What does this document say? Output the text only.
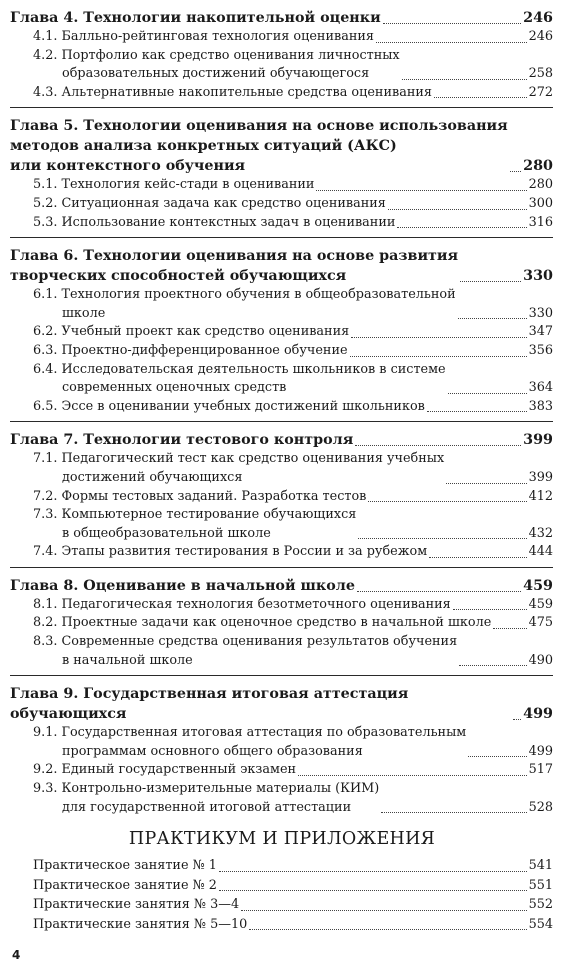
Глава 4. Технологии накопительной оценки	246
4.1. Балльно-рейтинговая технология оценивания	246
4.2. Портфолио как средство оценивания личностных
образовательных достижений обучающегося	258
4.3. Альтернативные накопительные средства оценивания	272
Глава 5. Технологии оценивания на основе использования
методов анализа конкретных ситуаций (АКС)
или контекстного обучения	280
5.1. Технология кейс-стади в оценивании	280
5.2. Ситуационная задача как средство оценивания	300
5.3. Использование контекстных задач в оценивании	316
Глава 6. Технологии оценивания на основе развития
творческих способностей обучающихся	330
6.1. Технология проектного обучения в общеобразовательной
школе	330
6.2. Учебный проект как средство оценивания	347
6.3. Проектно-дифференцированное обучение	356
6.4. Исследовательская деятельность школьников в системе
современных оценочных средств	364
6.5. Эссе в оценивании учебных достижений школьников	383
Глава 7. Технологии тестового контроля	399
7.1. Педагогический тест как средство оценивания учебных
достижений обучающихся	399
7.2. Формы тестовых заданий. Разработка тестов	412
7.3. Компьютерное тестирование обучающихся
в общеобразовательной школе	432
7.4. Этапы развития тестирования в России и за рубежом	444
Глава 8. Оценивание в начальной школе	459
8.1. Педагогическая технология безотметочного оценивания	459
8.2. Проектные задачи как оценочное средство в начальной школе	475
8.3. Современные средства оценивания результатов обучения
в начальной школе	490
Глава 9. Государственная итоговая аттестация обучающихся	499
9.1. Государственная итоговая аттестация по образовательным
программам основного общего образования	499
9.2. Единый государственный экзамен	517
9.3. Контрольно-измерительные материалы (КИМ)
для государственной итоговой аттестации	528
ПРАКТИКУМ И ПРИЛОЖЕНИЯ
Практическое занятие № 1	541
Практическое занятие № 2	551
Практические занятия № 3—4	552
Практические занятия № 5—10	554
4
